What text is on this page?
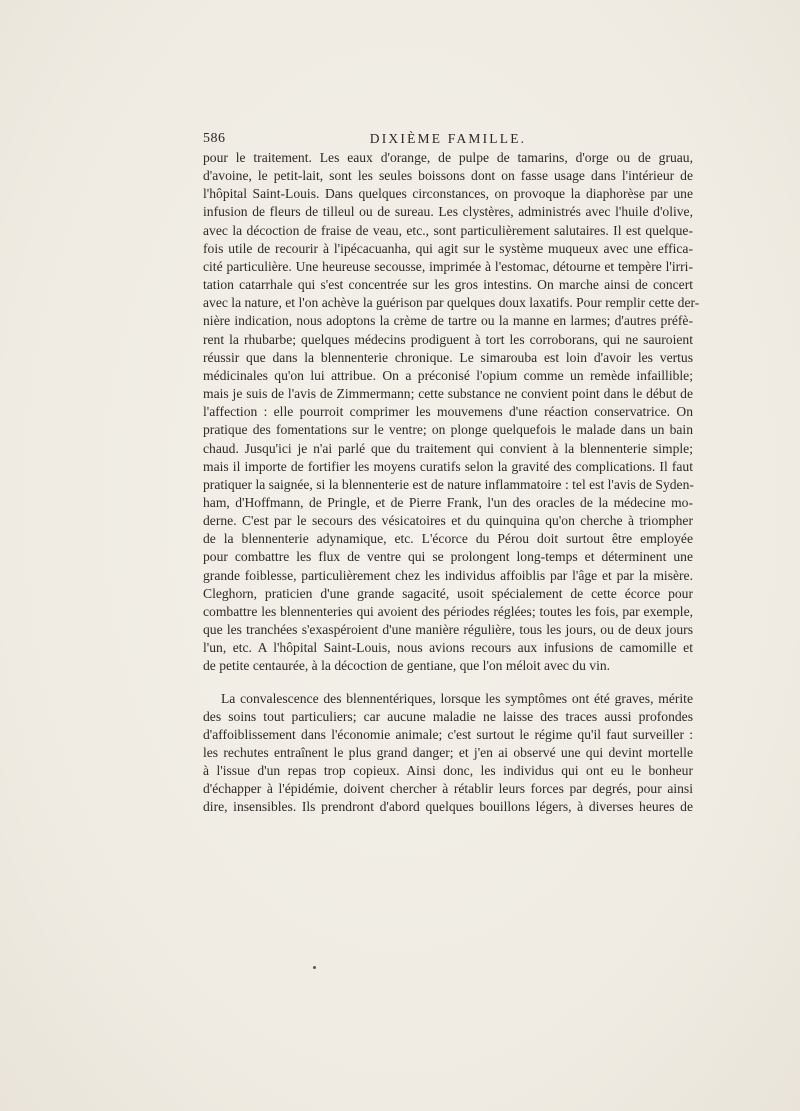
586	DIXIÈME FAMILLE.

pour le traitement. Les eaux d'orange, de pulpe de tamarins, d'orge ou de gruau,
d'avoine, le petit-lait, sont les seules boissons dont on fasse usage dans l'intérieur de
l'hôpital Saint-Louis. Dans quelques circonstances, on provoque la diaphorèse par une
infusion de fleurs de tilleul ou de sureau. Les clystères, administrés avec l'huile d'olive,
avec la décoction de fraise de veau, etc., sont particulièrement salutaires. Il est quelque-
fois utile de recourir à l'ipécacuanha, qui agit sur le système muqueux avec une effica-
cité particulière. Une heureuse secousse, imprimée à l'estomac, détourne et tempère l'irri-
tation catarrhale qui s'est concentrée sur les gros intestins. On marche ainsi de concert
avec la nature, et l'on achève la guérison par quelques doux laxatifs. Pour remplir cette der-
nière indication, nous adoptons la crème de tartre ou la manne en larmes; d'autres préfè-
rent la rhubarbe; quelques médecins prodiguent à tort les corroborans, qui ne sauroient
réussir que dans la blennenterie chronique. Le simarouba est loin d'avoir les vertus
médicinales qu'on lui attribue. On a préconisé l'opium comme un remède infaillible;
mais je suis de l'avis de Zimmermann; cette substance ne convient point dans le début de
l'affection : elle pourroit comprimer les mouvemens d'une réaction conservatrice. On
pratique des fomentations sur le ventre; on plonge quelquefois le malade dans un bain
chaud. Jusqu'ici je n'ai parlé que du traitement qui convient à la blennenterie simple;
mais il importe de fortifier les moyens curatifs selon la gravité des complications. Il faut
pratiquer la saignée, si la blennenterie est de nature inflammatoire : tel est l'avis de Syden-
ham, d'Hoffmann, de Pringle, et de Pierre Frank, l'un des oracles de la médecine mo-
derne. C'est par le secours des vésicatoires et du quinquina qu'on cherche à triompher
de la blennenterie adynamique, etc. L'écorce du Pérou doit surtout être employée
pour combattre les flux de ventre qui se prolongent long-temps et déterminent une
grande foiblesse, particulièrement chez les individus affoiblis par l'âge et par la misère.
Cleghorn, praticien d'une grande sagacité, usoit spécialement de cette écorce pour
combattre les blennenteries qui avoient des périodes réglées; toutes les fois, par exemple,
que les tranchées s'exaspéroient d'une manière régulière, tous les jours, ou de deux jours
l'un, etc. A l'hôpital Saint-Louis, nous avions recours aux infusions de camomille et
de petite centaurée, à la décoction de gentiane, que l'on méloit avec du vin.

La convalescence des blennentériques, lorsque les symptômes ont été graves, mérite
des soins tout particuliers; car aucune maladie ne laisse des traces aussi profondes
d'affoiblissement dans l'économie animale; c'est surtout le régime qu'il faut surveiller :
les rechutes entraînent le plus grand danger; et j'en ai observé une qui devint mortelle
à l'issue d'un repas trop copieux. Ainsi donc, les individus qui ont eu le bonheur
d'échapper à l'épidémie, doivent chercher à rétablir leurs forces par degrés, pour ainsi
dire, insensibles. Ils prendront d'abord quelques bouillons légers, à diverses heures de
